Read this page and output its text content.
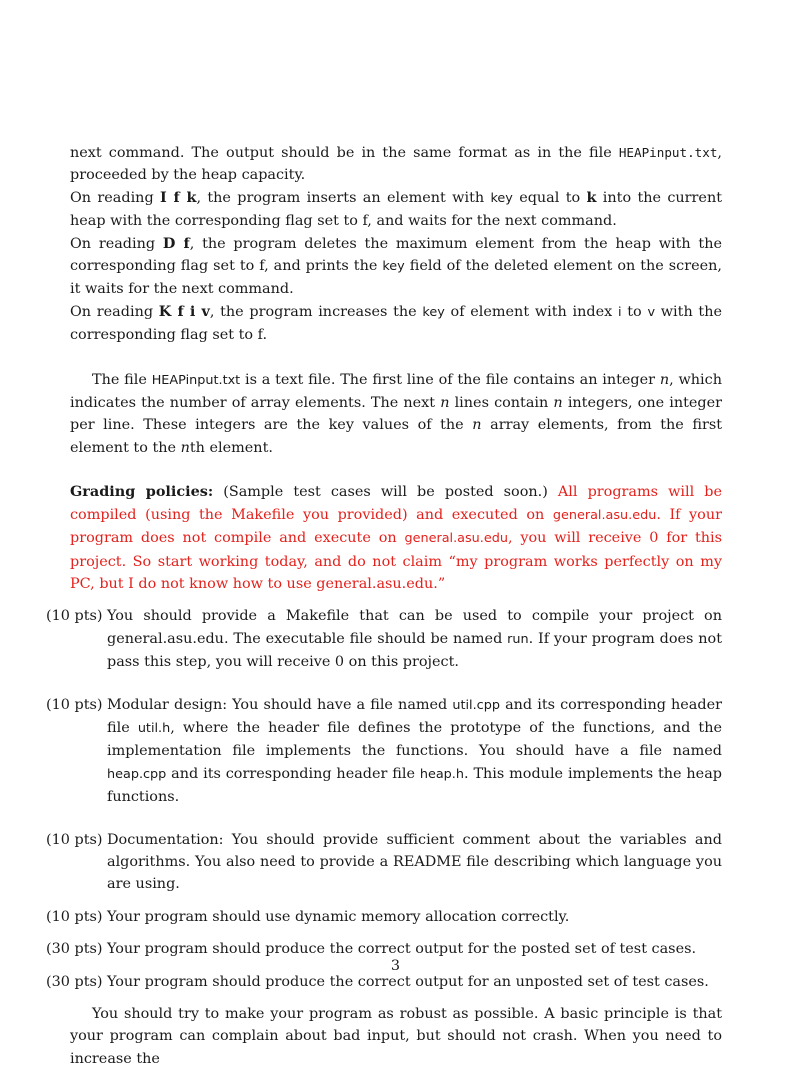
next command. The output should be in the same format as in the file HEAPinput.txt, proceeded by the heap capacity.

On reading I f k, the program inserts an element with key equal to k into the current heap with the corresponding flag set to f, and waits for the next command.

On reading D f, the program deletes the maximum element from the heap with the corresponding flag set to f, and prints the key field of the deleted element on the screen, it waits for the next command.

On reading K f i v, the program increases the key of element with index i to v with the corresponding flag set to f.

The file HEAPinput.txt is a text file. The first line of the file contains an integer n, which indicates the number of array elements. The next n lines contain n integers, one integer per line. These integers are the key values of the n array elements, from the first element to the nth element.

Grading policies: (Sample test cases will be posted soon.) All programs will be compiled (using the Makefile you provided) and executed on general.asu.edu. If your program does not compile and execute on general.asu.edu, you will receive 0 for this project. So start working today, and do not claim “my program works perfectly on my PC, but I do not know how to use general.asu.edu.”

(10 pts) You should provide a Makefile that can be used to compile your project on general.asu.edu. The executable file should be named run. If your program does not pass this step, you will receive 0 on this project.

(10 pts) Modular design: You should have a file named util.cpp and its corresponding header file util.h, where the header file defines the prototype of the functions, and the implementation file implements the functions. You should have a file named heap.cpp and its corresponding header file heap.h. This module implements the heap functions.

(10 pts) Documentation: You should provide sufficient comment about the variables and algorithms. You also need to provide a README file describing which language you are using.

(10 pts) Your program should use dynamic memory allocation correctly.

(30 pts) Your program should produce the correct output for the posted set of test cases.

(30 pts) Your program should produce the correct output for an unposted set of test cases.

You should try to make your program as robust as possible. A basic principle is that your program can complain about bad input, but should not crash. When you need to increase the

3
